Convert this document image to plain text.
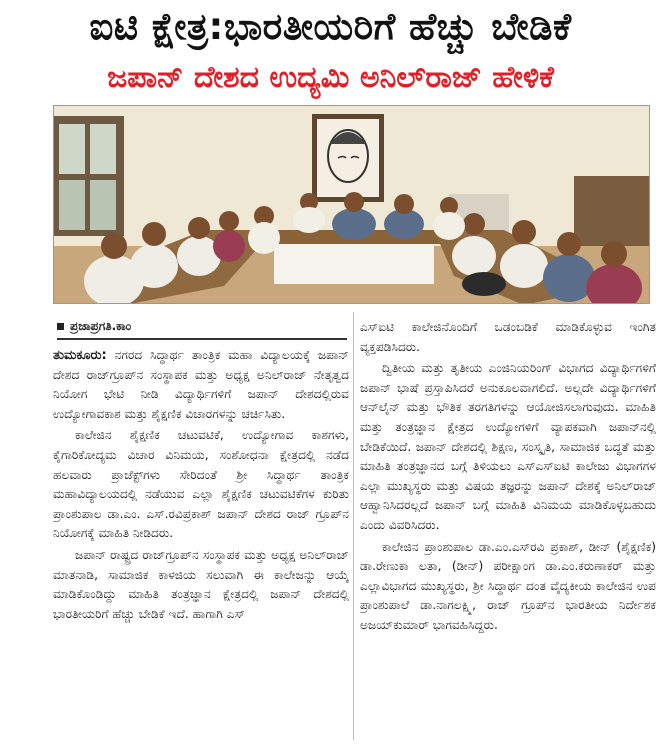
ಐಟಿ ಕ್ಷೇತ್ರ:ಭಾರತೀಯರಿಗೆ ಹೆಚ್ಚು ಬೇಡಿಕೆ
ಜಪಾನ್ ದೇಶದ ಉದ್ಯಮಿ ಅನಿಲ್‌ರಾಜ್ ಹೇಳಿಕೆ
ಪ್ರಜಾಪ್ರಗತಿ.ಕಾಂ

ತುಮಕೂರು: ನಗರದ ಸಿದ್ಧಾರ್ಥ ತಾಂತ್ರಿಕ ಮಹಾ ವಿದ್ಯಾಲಯಕ್ಕೆ ಜಪಾನ್ ದೇಶದ ರಾಜ್‌ಗ್ರೂಪ್‌ನ ಸಂಸ್ಥಾಪಕ ಮತ್ತು ಅಧ್ಯಕ್ಷ ಅನಿಲ್‌ರಾಜ್ ನೇತೃತ್ವದ ನಿಯೋಗ ಭೇಟಿ ನೀಡಿ ವಿದ್ಯಾರ್ಥಿಗಳಿಗೆ ಜಪಾನ್ ದೇಶದಲ್ಲಿರುವ ಉದ್ಯೋಗಾವಕಾಶ ಮತ್ತು ಶೈಕ್ಷಣಿಕ ವಿಚಾರಗಳನ್ನು ಚರ್ಚಿಸಿತು.

ಕಾಲೇಜಿನ ಶೈಕ್ಷಣಿಕ ಚಟುವಟಿಕೆ, ಉದ್ಯೋಗಾವ ಕಾಶಗಳು, ಕೈಗಾರಿಕೋದ್ಯಮ ವಿಚಾರ ವಿನಿಮಯ, ಸಂಶೋಧನಾ ಕ್ಷೇತ್ರದಲ್ಲಿ ನಡೆದ ಹಲವಾರು ಪ್ರಾಜೆಕ್ಟ್‌ಗಳು ಸೇರಿದಂತೆ ಶ್ರೀ ಸಿದ್ಧಾರ್ಥ ತಾಂತ್ರಿಕ ಮಹಾವಿದ್ಯಾಲಯದಲ್ಲಿ ನಡೆಯುವ ಎಲ್ಲಾ ಶೈಕ್ಷಣಿಕ ಚಟುವಟಿಕೆಗಳ ಕುರಿತು ಪ್ರಾಂಶುಪಾಲ ಡಾ.ಎಂ. ಎಸ್.ರವಿಪ್ರಕಾಶ್ ಜಪಾನ್ ದೇಶದ ರಾಜ್ ಗ್ರೂಪ್‌ನ ನಿಯೋಗಕ್ಕೆ ಮಾಹಿತಿ ನೀಡಿದರು.

ಜಪಾನ್ ರಾಷ್ಟ್ರದ ರಾಜ್‌ಗ್ರೂಪ್‌ನ ಸಂಸ್ಥಾಪಕ ಮತ್ತು ಅಧ್ಯಕ್ಷ ಅನಿಲ್‌ರಾಜ್ ಮಾತನಾಡಿ, ಸಾಮಾಜಿಕ ಕಾಳಜಿಯ ಸಲುವಾಗಿ ಈ ಕಾಲೇಜನ್ನು ಆಯ್ಕೆ ಮಾಡಿಕೊಂಡಿದ್ದು ಮಾಹಿತಿ ತಂತ್ರಜ್ಞಾನ ಕ್ಷೇತ್ರದಲ್ಲಿ ಜಪಾನ್ ದೇಶದಲ್ಲಿ ಭಾರತೀಯರಿಗೆ ಹೆಚ್ಚು ಬೇಡಿಕೆ ಇದೆ. ಹಾಗಾಗಿ ಎಸ್

ಎಸ್‌ಐಟಿ ಕಾಲೇಜಿನೊಂದಿಗೆ ಒಡಂಬಡಿಕೆ ಮಾಡಿಕೊಳ್ಳುವ ಇಂಗಿತ ವ್ಯಕ್ತಪಡಿಸಿದರು.

ದ್ವಿತೀಯ ಮತ್ತು ತೃತೀಯ ಎಂಜಿನಿಯರಿಂಗ್ ವಿಭಾಗದ ವಿದ್ಯಾರ್ಥಿಗಳಿಗೆ ಜಪಾನ್ ಭಾಷೆ ಪ್ರಸ್ತಾಪಿಸಿದರೆ ಅನುಕೂಲವಾಗಲಿದೆ. ಅಲ್ಲದೇ ವಿದ್ಯಾರ್ಥಿಗಳಿಗೆ ಆನ್‌ಲೈನ್ ಮತ್ತು ಭೌತಿಕ ತರಗತಿಗಳನ್ನು ಆಯೋಜಿಸಲಾಗುವುದು. ಮಾಹಿತಿ ಮತ್ತು ತಂತ್ರಜ್ಞಾನ ಕ್ಷೇತ್ರದ ಉದ್ಯೋಗಳಿಗೆ ವ್ಯಾಪಕವಾಗಿ ಜಪಾನ್‌ನಲ್ಲಿ ಬೇಡಿಕೆಯಿದೆ. ಜಪಾನ್ ದೇಶದಲ್ಲಿ ಶಿಕ್ಷಣ, ಸಂಸ್ಕೃತಿ, ಸಾಮಾಜಿಕ ಬದ್ಧತೆ ಮತ್ತು ಮಾಹಿತಿ ತಂತ್ರಜ್ಞಾನದ ಬಗ್ಗೆ ತಿಳಿಯಲು ಎಸ್‌ಎಸ್‌ಐಟಿ ಕಾಲೇಜು ವಿಭಾಗಗಳ ಎಲ್ಲಾ ಮುಖ್ಯಸ್ಥರು ಮತ್ತು ವಿಷಯ ತಜ್ಞರನ್ನು ಜಪಾನ್ ದೇಶಕ್ಕೆ ಅನಿಲ್‌ರಾಜ್ ಆಹ್ವಾನಿಸಿದರಲ್ಲದೆ ಜಪಾನ್ ಬಗ್ಗೆ ಮಾಹಿತಿ ವಿನಿಮಯ ಮಾಡಿಕೊಳ್ಳಬಹುದು ಎಂದು ವಿವರಿಸಿದರು.

ಕಾಲೇಜಿನ ಪ್ರಾಂಶುಪಾಲ ಡಾ.ಎಂ.ಎಸ್‌ರವಿ ಪ್ರಕಾಶ್, ಡೀನ್ (ಶೈಕ್ಷಣಿಕ) ಡಾ.ರೇಣುಕಾ ಲತಾ, (ಡೀನ್) ಪರೀಕ್ಷಾಂಗ ಡಾ.ಎಂ.ಕರುಣಾಕರ್ ಮತ್ತು ಎಲ್ಲಾವಿಭಾಗದ ಮುಖ್ಯಸ್ಥರು, ಶ್ರೀ ಸಿದ್ಧಾರ್ಥ ದಂತ ವೈದ್ಯಕೀಯ ಕಾಲೇಜಿನ ಉಪ ಪ್ರಾಂಶುಪಾಲೆ ಡಾ.ನಾಗಲಕ್ಷ್ಮಿ, ರಾಜ್ ಗ್ರೂಪ್‌ನ ಭಾರತೀಯ ನಿರ್ದೇಶಕ ಅಜಯ್‌ಕುಮಾರ್ ಭಾಗವಹಿಸಿದ್ದರು.
